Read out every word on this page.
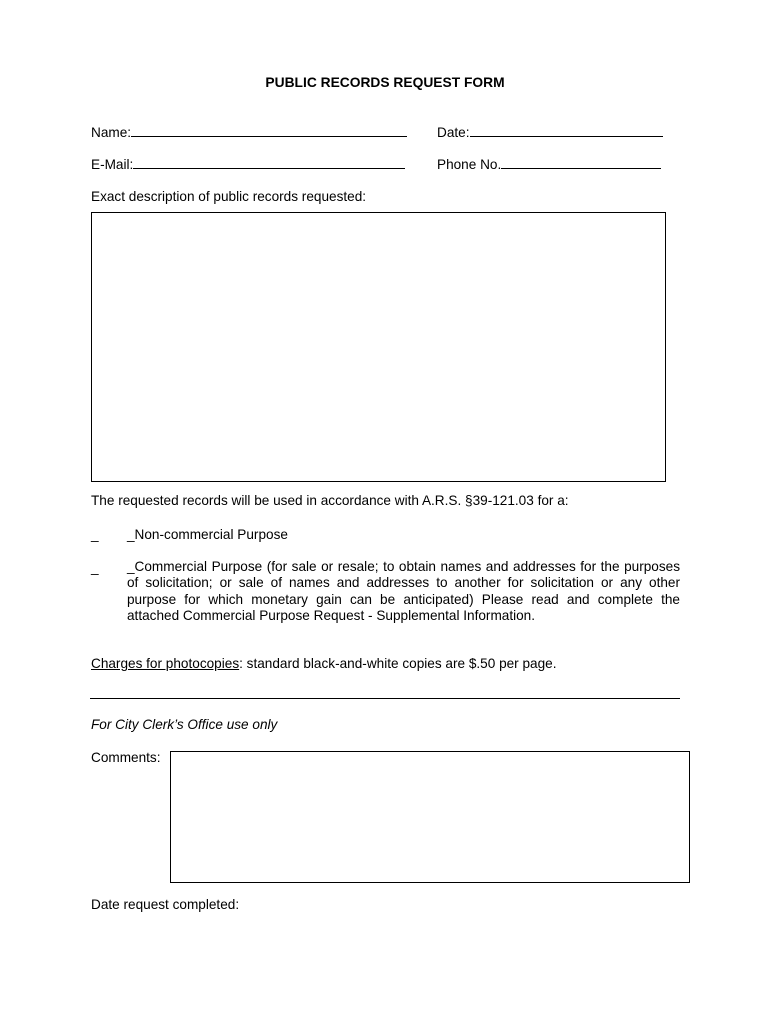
PUBLIC RECORDS REQUEST FORM
Name:	Date:
E-Mail:	Phone No.
Exact description of public records requested:
The requested records will be used in accordance with A.R.S. §39-121.03 for a:
_ _Non-commercial Purpose
_ _Commercial Purpose (for sale or resale; to obtain names and addresses for the purposes of solicitation; or sale of names and addresses to another for solicitation or any other purpose for which monetary gain can be anticipated) Please read and complete the attached Commercial Purpose Request - Supplemental Information.
Charges for photocopies: standard black-and-white copies are $.50 per page.
For City Clerk’s Office use only
Comments:
Date request completed:
